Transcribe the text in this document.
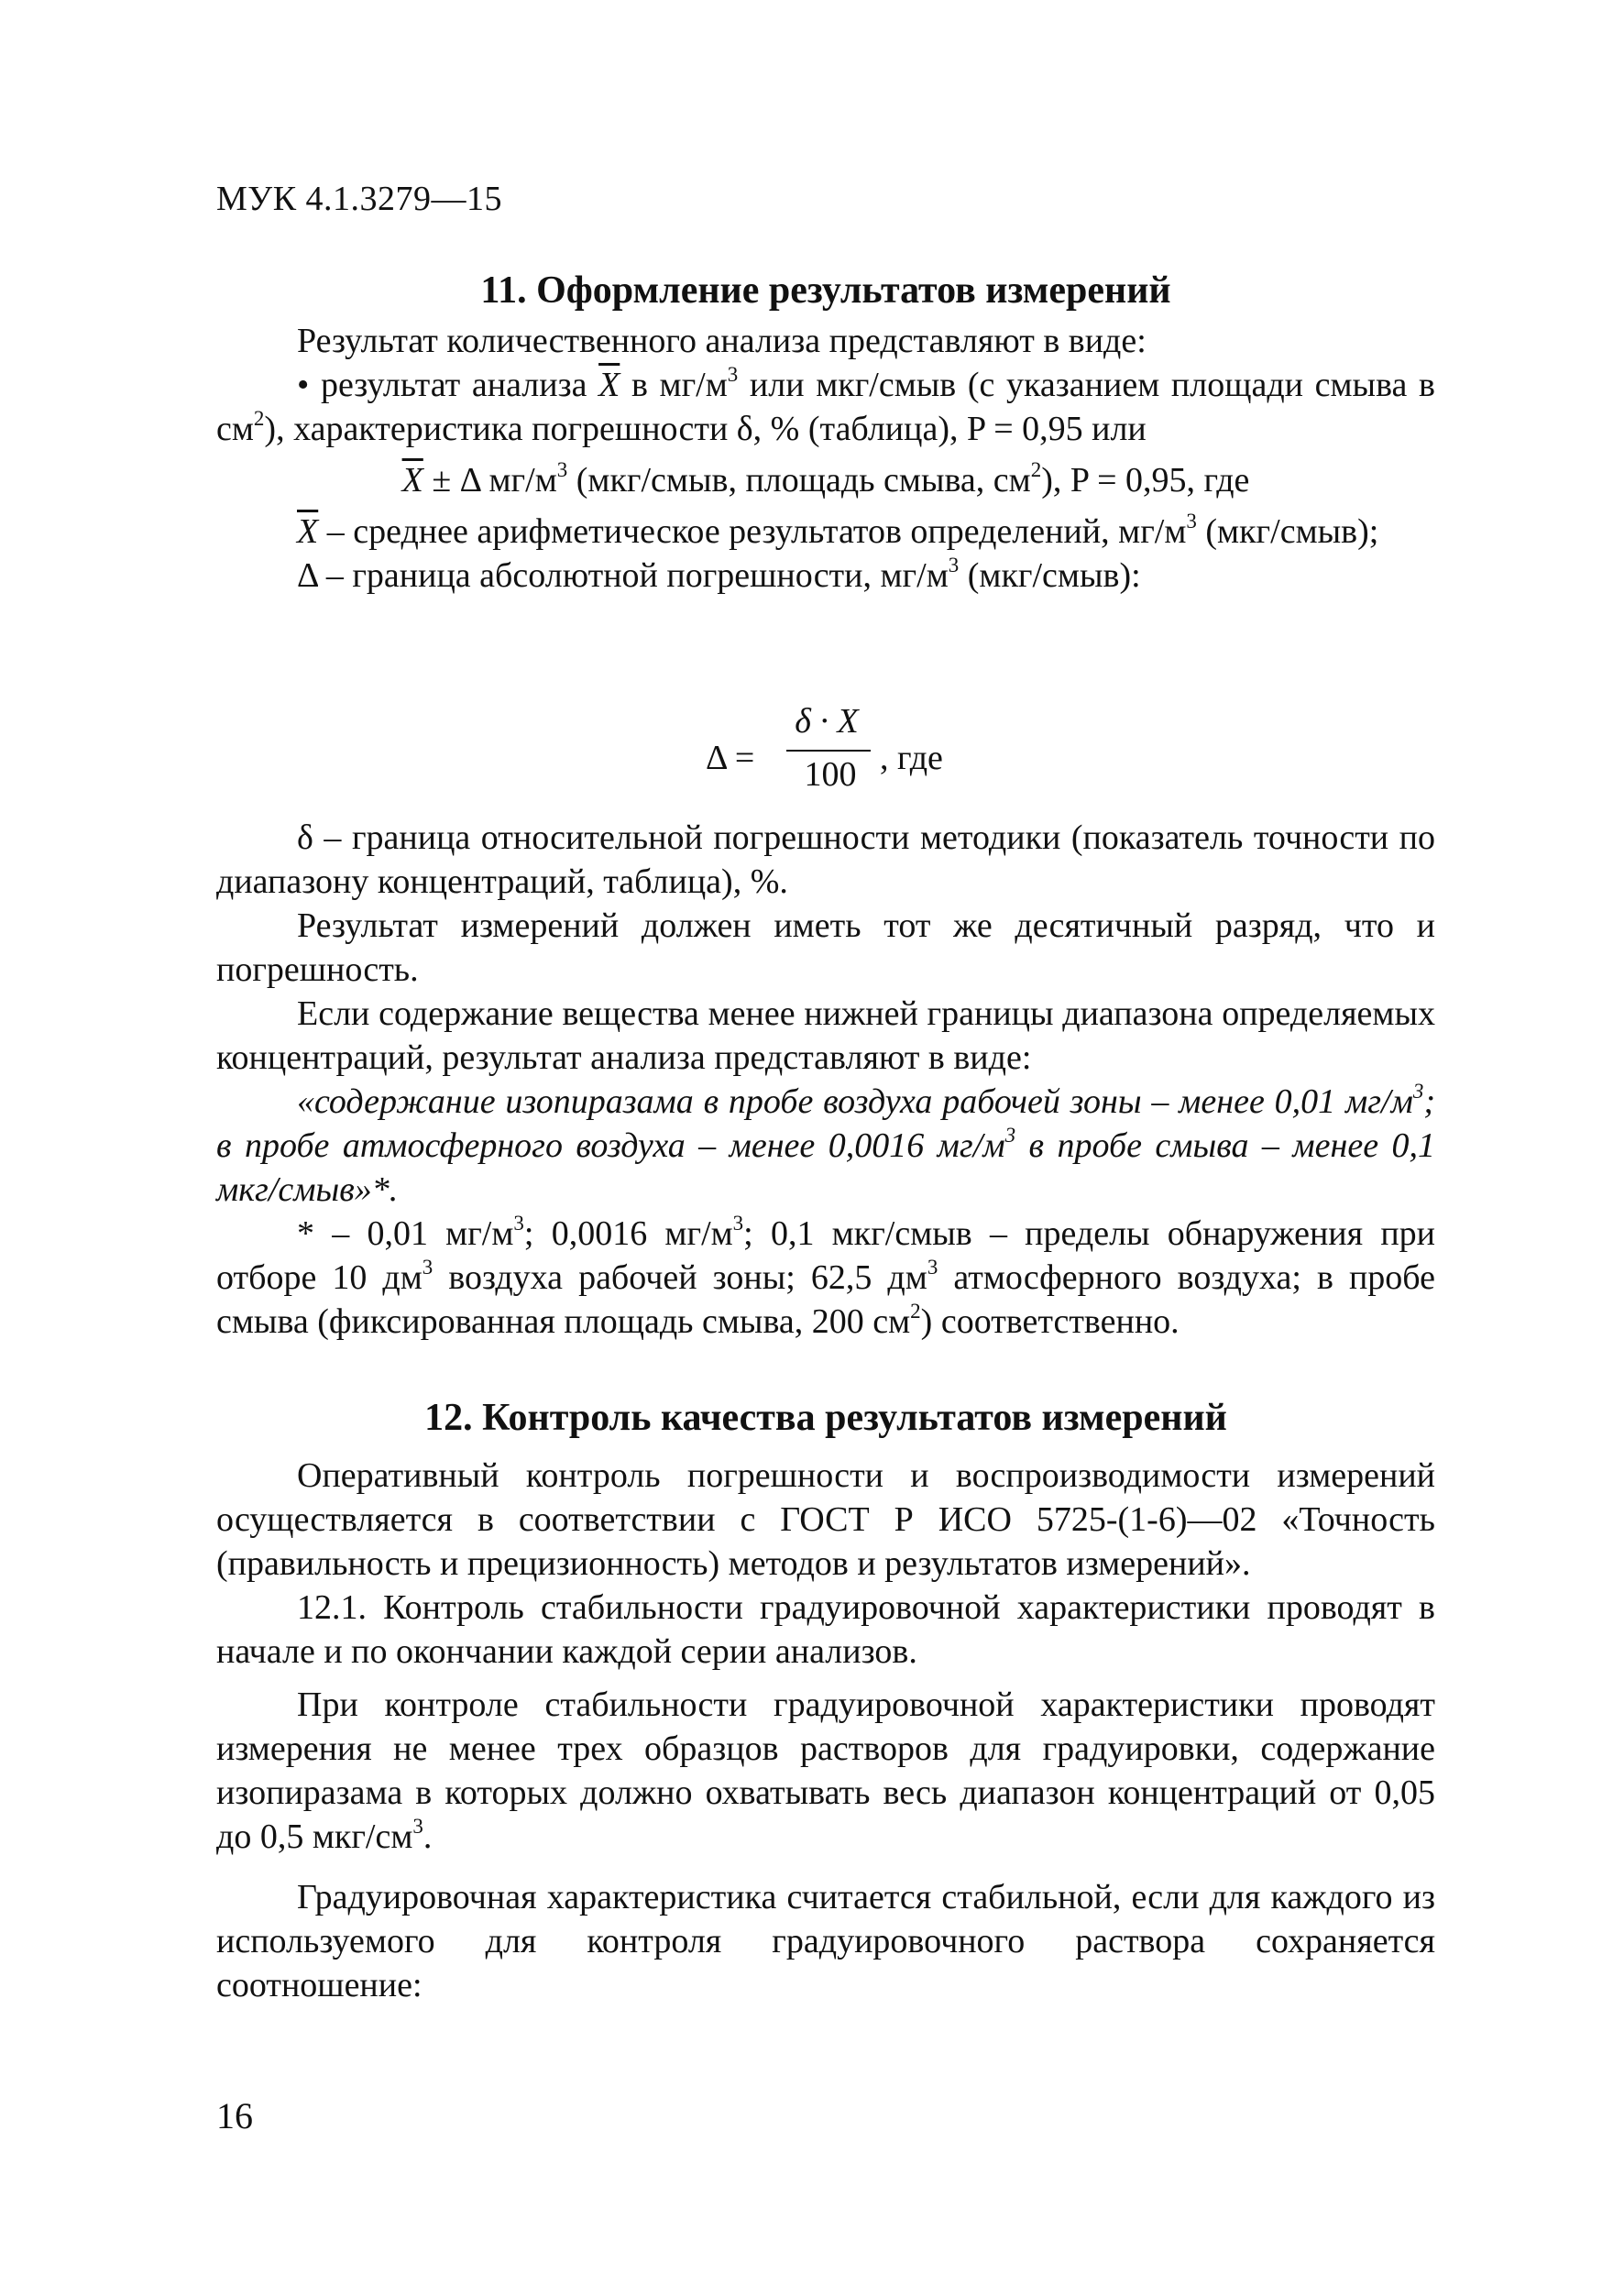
МУК 4.1.3279—15

11. Оформление результатов измерений

Результат количественного анализа представляют в виде:

• результат анализа $\overline{X}$ в $мг/м^3$ или мкг/смыв (с указанием площади смыва в $см^2$), характеристика погрешности δ, % (таблица), P = 0,95 или

$\overline{X} \pm \Delta$ $мг/м^3$ (мкг/смыв, площадь смыва, $см^2$), P = 0,95, где

$\overline{X}$ – среднее арифметическое результатов определений, $мг/м^3$ (мкг/смыв);

Δ – граница абсолютной погрешности, $мг/м^3$ (мкг/смыв):

Δ =
δ · X
100 , где

δ – граница относительной погрешности методики (показатель точности по диапазону концентраций, таблица), %.

Результат измерений должен иметь тот же десятичный разряд, что и погрешность.

Если содержание вещества менее нижней границы диапазона определяемых концентраций, результат анализа представляют в виде:

«содержание изопиразама в пробе воздуха рабочей зоны – менее 0,01 $мг/м^3$; в пробе атмосферного воздуха – менее 0,0016 $мг/м^3$ в пробе смыва – менее 0,1 мкг/смыв»*.

* – 0,01 $мг/м^3$; 0,0016 $мг/м^3$; 0,1 мкг/смыв – пределы обнаружения при отборе 10 $дм^3$ воздуха рабочей зоны; 62,5 $дм^3$ атмосферного воздуха; в пробе смыва (фиксированная площадь смыва, 200 $см^2$) соответственно.

12. Контроль качества результатов измерений

Оперативный контроль погрешности и воспроизводимости измерений осуществляется в соответствии с ГОСТ Р ИСО 5725-(1-6)—02 «Точность (правильность и прецизионность) методов и результатов измерений».

12.1. Контроль стабильности градуировочной характеристики проводят в начале и по окончании каждой серии анализов.

При контроле стабильности градуировочной характеристики проводят измерения не менее трех образцов растворов для градуировки, содержание изопиразама в которых должно охватывать весь диапазон концентраций от 0,05 до 0,5 мкг/$см^3$.

Градуировочная характеристика считается стабильной, если для каждого из используемого для контроля градуировочного раствора сохраняется соотношение:

16
